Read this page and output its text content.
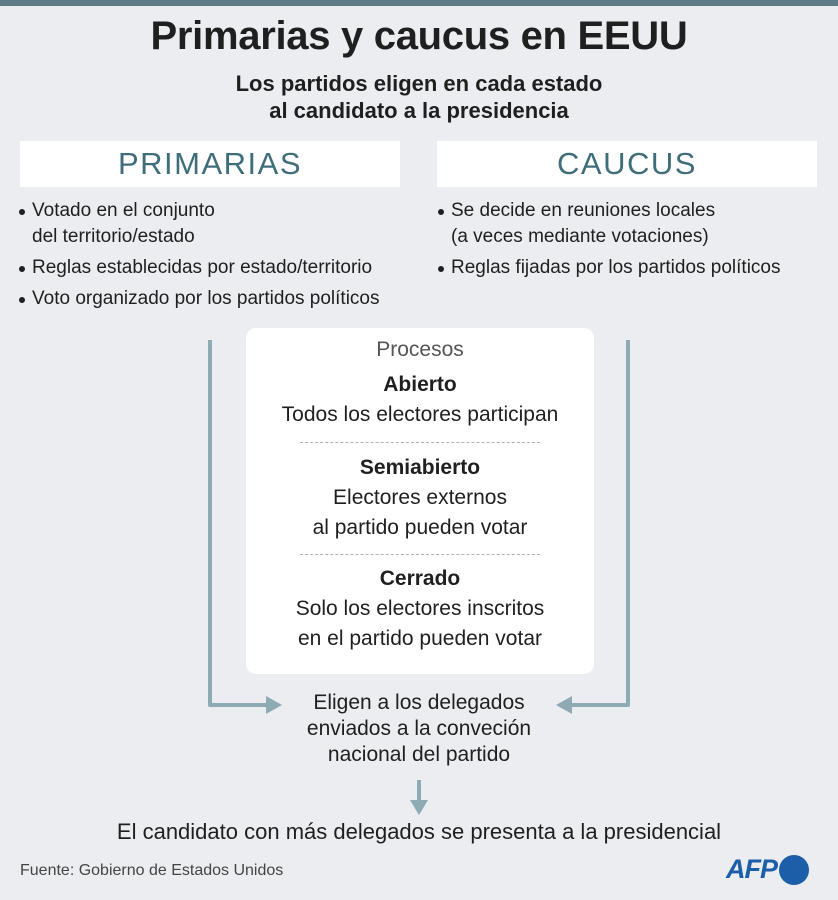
Primarias y caucus en EEUU
Los partidos eligen en cada estado
al candidato a la presidencia
PRIMARIAS	CAUCUS
Votado en el conjunto
del territorio/estado
Reglas establecidas por estado/territorio
Voto organizado por los partidos políticos
Se decide en reuniones locales
(a veces mediante votaciones)
Reglas fijadas por los partidos políticos
Procesos
Abierto
Todos los electores participan
Semiabierto
Electores externos
al partido pueden votar
Cerrado
Solo los electores inscritos
en el partido pueden votar
Eligen a los delegados
enviados a la conveción
nacional del partido
El candidato con más delegados se presenta a la presidencial
Fuente: Gobierno de Estados Unidos	AFP
